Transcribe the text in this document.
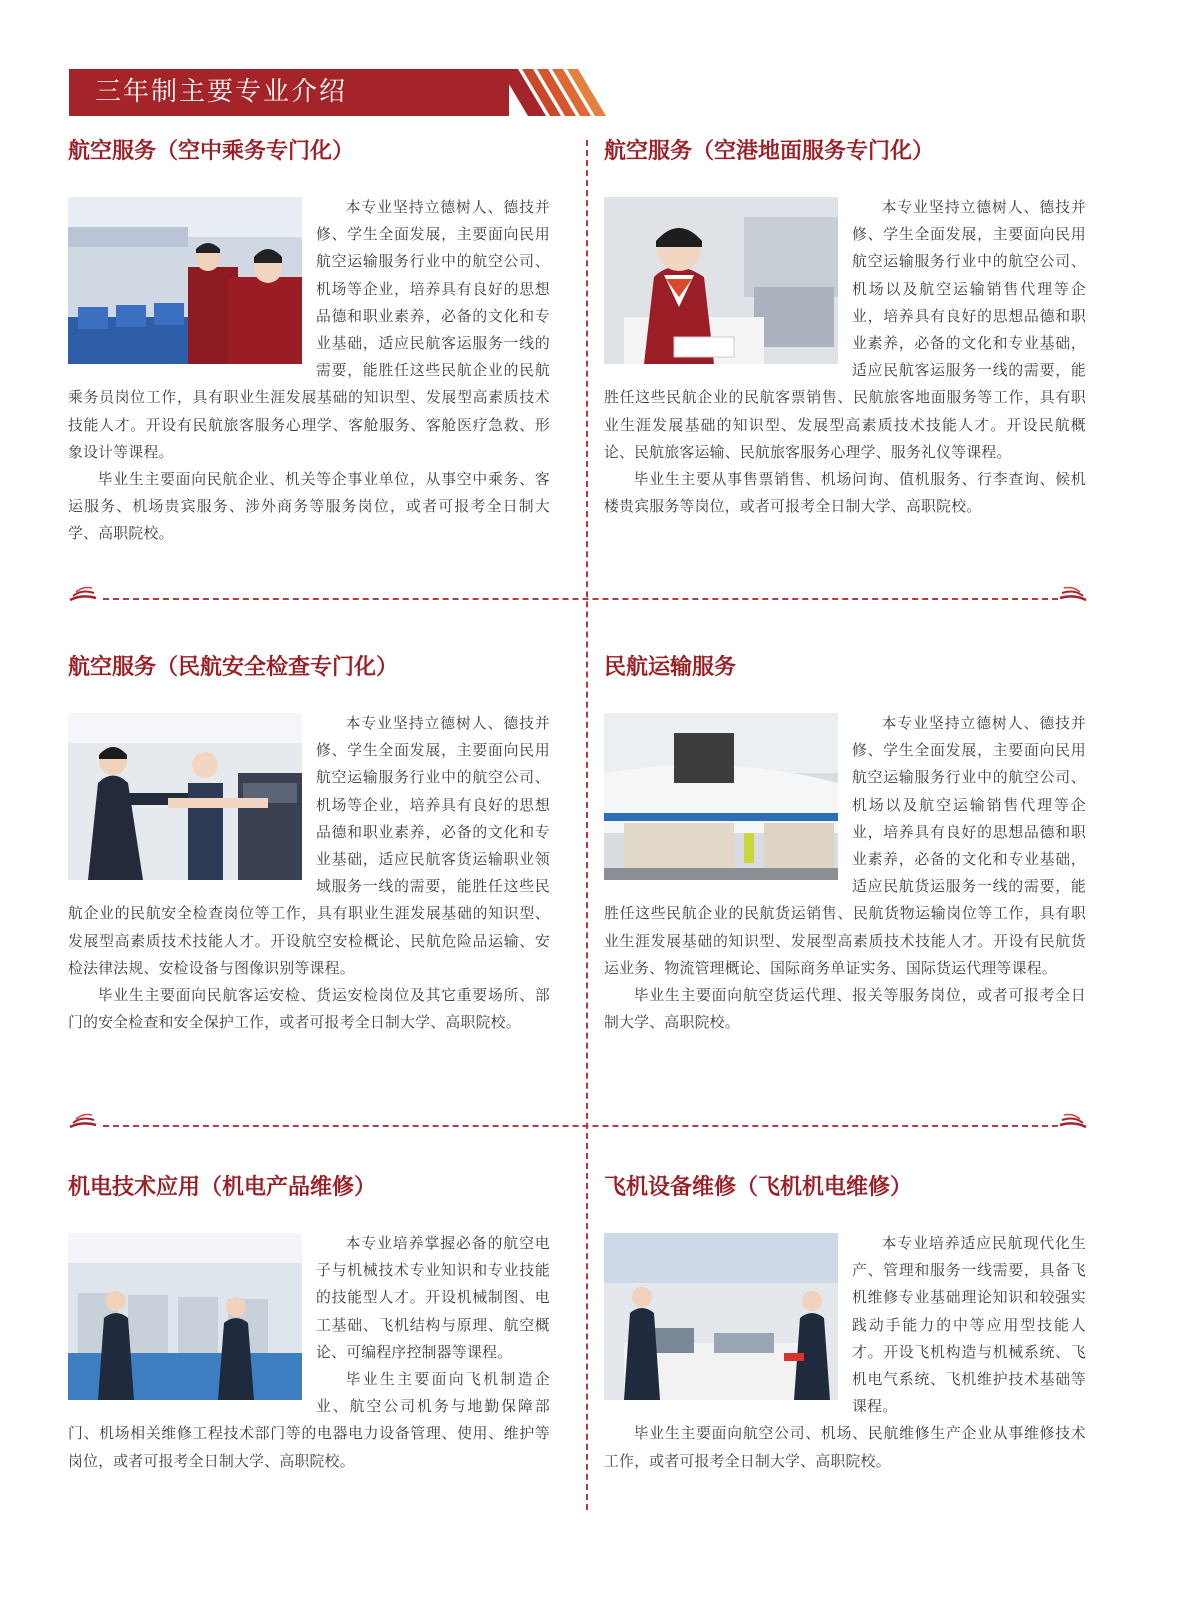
三年制主要专业介绍
航空服务（空中乘务专门化）

本专业坚持立德树人、德技并修、学生全面发展，主要面向民用航空运输服务行业中的航空公司、机场等企业，培养具有良好的思想品德和职业素养，必备的文化和专业基础，适应民航客运服务一线的需要，能胜任这些民航企业的民航乘务员岗位工作，具有职业生涯发展基础的知识型、发展型高素质技术技能人才。开设有民航旅客服务心理学、客舱服务、客舱医疗急救、形象设计等课程。

毕业生主要面向民航企业、机关等企事业单位，从事空中乘务、客运服务、机场贵宾服务、涉外商务等服务岗位，或者可报考全日制大学、高职院校。

航空服务（空港地面服务专门化）

本专业坚持立德树人、德技并修、学生全面发展，主要面向民用航空运输服务行业中的航空公司、机场以及航空运输销售代理等企业，培养具有良好的思想品德和职业素养，必备的文化和专业基础，适应民航客运服务一线的需要，能胜任这些民航企业的民航客票销售、民航旅客地面服务等工作，具有职业生涯发展基础的知识型、发展型高素质技术技能人才。开设民航概论、民航旅客运输、民航旅客服务心理学、服务礼仪等课程。

毕业生主要从事售票销售、机场问询、值机服务、行李查询、候机楼贵宾服务等岗位，或者可报考全日制大学、高职院校。

航空服务（民航安全检查专门化）

本专业坚持立德树人、德技并修、学生全面发展，主要面向民用航空运输服务行业中的航空公司、机场等企业，培养具有良好的思想品德和职业素养，必备的文化和专业基础，适应民航客货运输职业领域服务一线的需要，能胜任这些民航企业的民航安全检查岗位等工作，具有职业生涯发展基础的知识型、发展型高素质技术技能人才。开设航空安检概论、民航危险品运输、安检法律法规、安检设备与图像识别等课程。

毕业生主要面向民航客运安检、货运安检岗位及其它重要场所、部门的安全检查和安全保护工作，或者可报考全日制大学、高职院校。

民航运输服务

本专业坚持立德树人、德技并修、学生全面发展，主要面向民用航空运输服务行业中的航空公司、机场以及航空运输销售代理等企业，培养具有良好的思想品德和职业素养，必备的文化和专业基础，适应民航货运服务一线的需要，能胜任这些民航企业的民航货运销售、民航货物运输岗位等工作，具有职业生涯发展基础的知识型、发展型高素质技术技能人才。开设有民航货运业务、物流管理概论、国际商务单证实务、国际货运代理等课程。

毕业生主要面向航空货运代理、报关等服务岗位，或者可报考全日制大学、高职院校。

机电技术应用（机电产品维修）

本专业培养掌握必备的航空电子与机械技术专业知识和专业技能的技能型人才。开设机械制图、电工基础、飞机结构与原理、航空概论、可编程序控制器等课程。

毕业生主要面向飞机制造企业、航空公司机务与地勤保障部门、机场相关维修工程技术部门等的电器电力设备管理、使用、维护等岗位，或者可报考全日制大学、高职院校。

飞机设备维修（飞机机电维修）

本专业培养适应民航现代化生产、管理和服务一线需要，具备飞机维修专业基础理论知识和较强实践动手能力的中等应用型技能人才。开设飞机构造与机械系统、飞机电气系统、飞机维护技术基础等课程。

毕业生主要面向航空公司、机场、民航维修生产企业从事维修技术工作，或者可报考全日制大学、高职院校。
